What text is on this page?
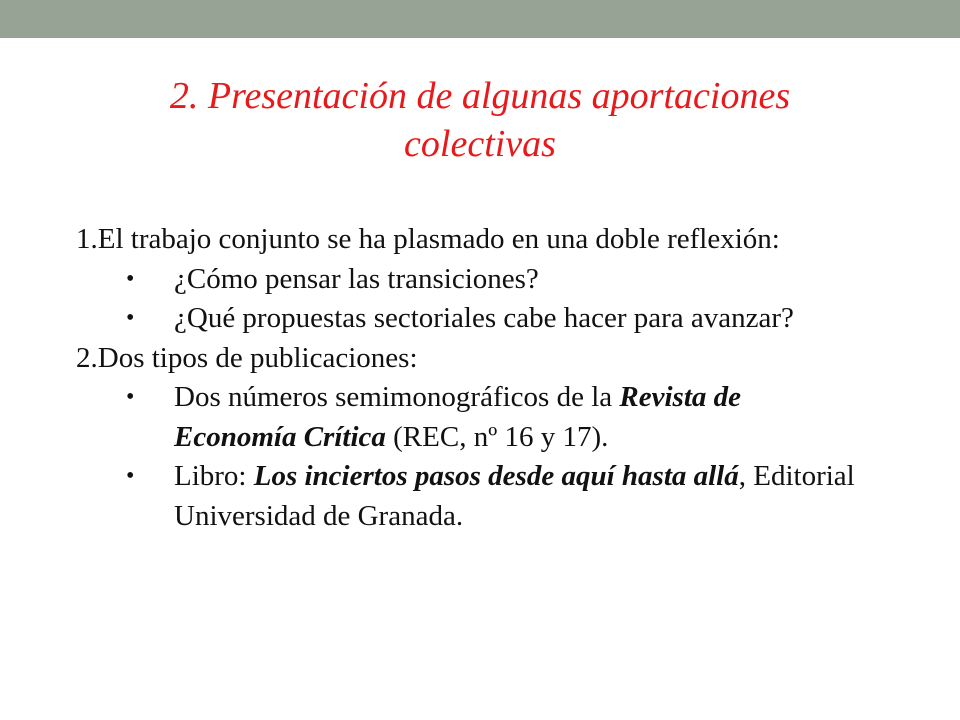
2. Presentación de algunas aportaciones
colectivas

1.El trabajo conjunto se ha plasmado en una doble reflexión:

• ¿Cómo pensar las transiciones?
• ¿Qué propuestas sectoriales cabe hacer para avanzar?

2.Dos tipos de publicaciones:

• Dos números semimonográficos de la Revista de Economía Crítica (REC, nº 16 y 17).
• Libro: Los inciertos pasos desde aquí hasta allá, Editorial Universidad de Granada.
